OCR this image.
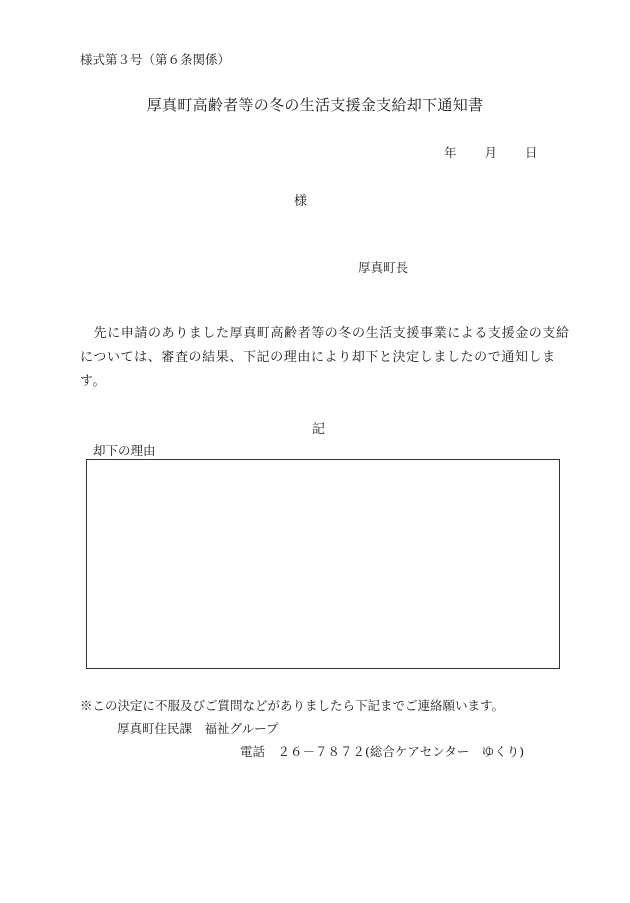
様式第３号（第６条関係）
厚真町高齢者等の冬の生活支援金支給却下通知書
年 月 日
様
厚真町長
　先に申請のありました厚真町高齢者等の冬の生活支援事業による支援金の支給については、審査の結果、下記の理由により却下と決定しましたので通知します。
記
却下の理由
※この決定に不服及びご質問などがありましたら下記までご連絡願います。
厚真町住民課　福祉グループ
電話　２６－７８７２(総合ケアセンター　ゆくり)
